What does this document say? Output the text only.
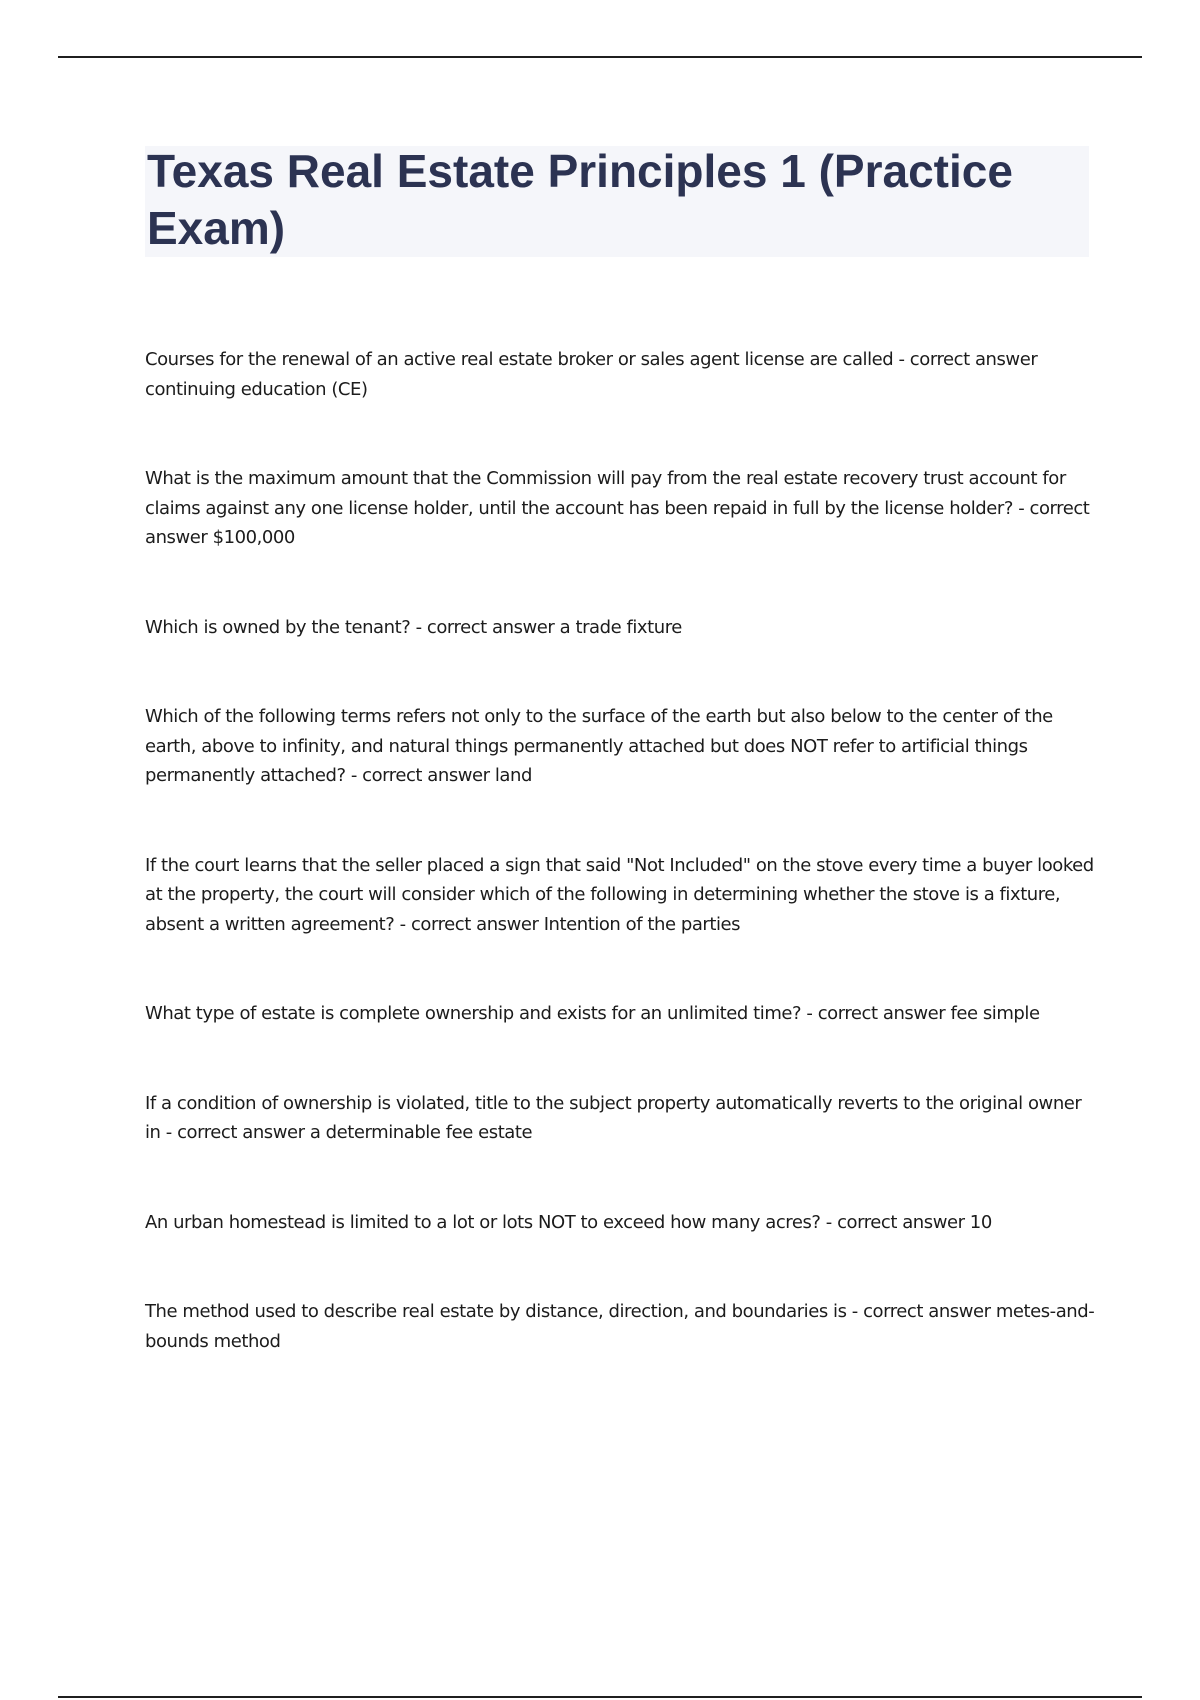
Texas Real Estate Principles 1 (Practice Exam)
Courses for the renewal of an active real estate broker or sales agent license are called - correct answer continuing education (CE)
What is the maximum amount that the Commission will pay from the real estate recovery trust account for claims against any one license holder, until the account has been repaid in full by the license holder? - correct answer $100,000
Which is owned by the tenant? - correct answer a trade fixture
Which of the following terms refers not only to the surface of the earth but also below to the center of the earth, above to infinity, and natural things permanently attached but does NOT refer to artificial things permanently attached? - correct answer land
If the court learns that the seller placed a sign that said "Not Included" on the stove every time a buyer looked at the property, the court will consider which of the following in determining whether the stove is a fixture, absent a written agreement? - correct answer Intention of the parties
What type of estate is complete ownership and exists for an unlimited time? - correct answer fee simple
If a condition of ownership is violated, title to the subject property automatically reverts to the original owner in - correct answer a determinable fee estate
An urban homestead is limited to a lot or lots NOT to exceed how many acres? - correct answer 10
The method used to describe real estate by distance, direction, and boundaries is - correct answer metes-and-bounds method
